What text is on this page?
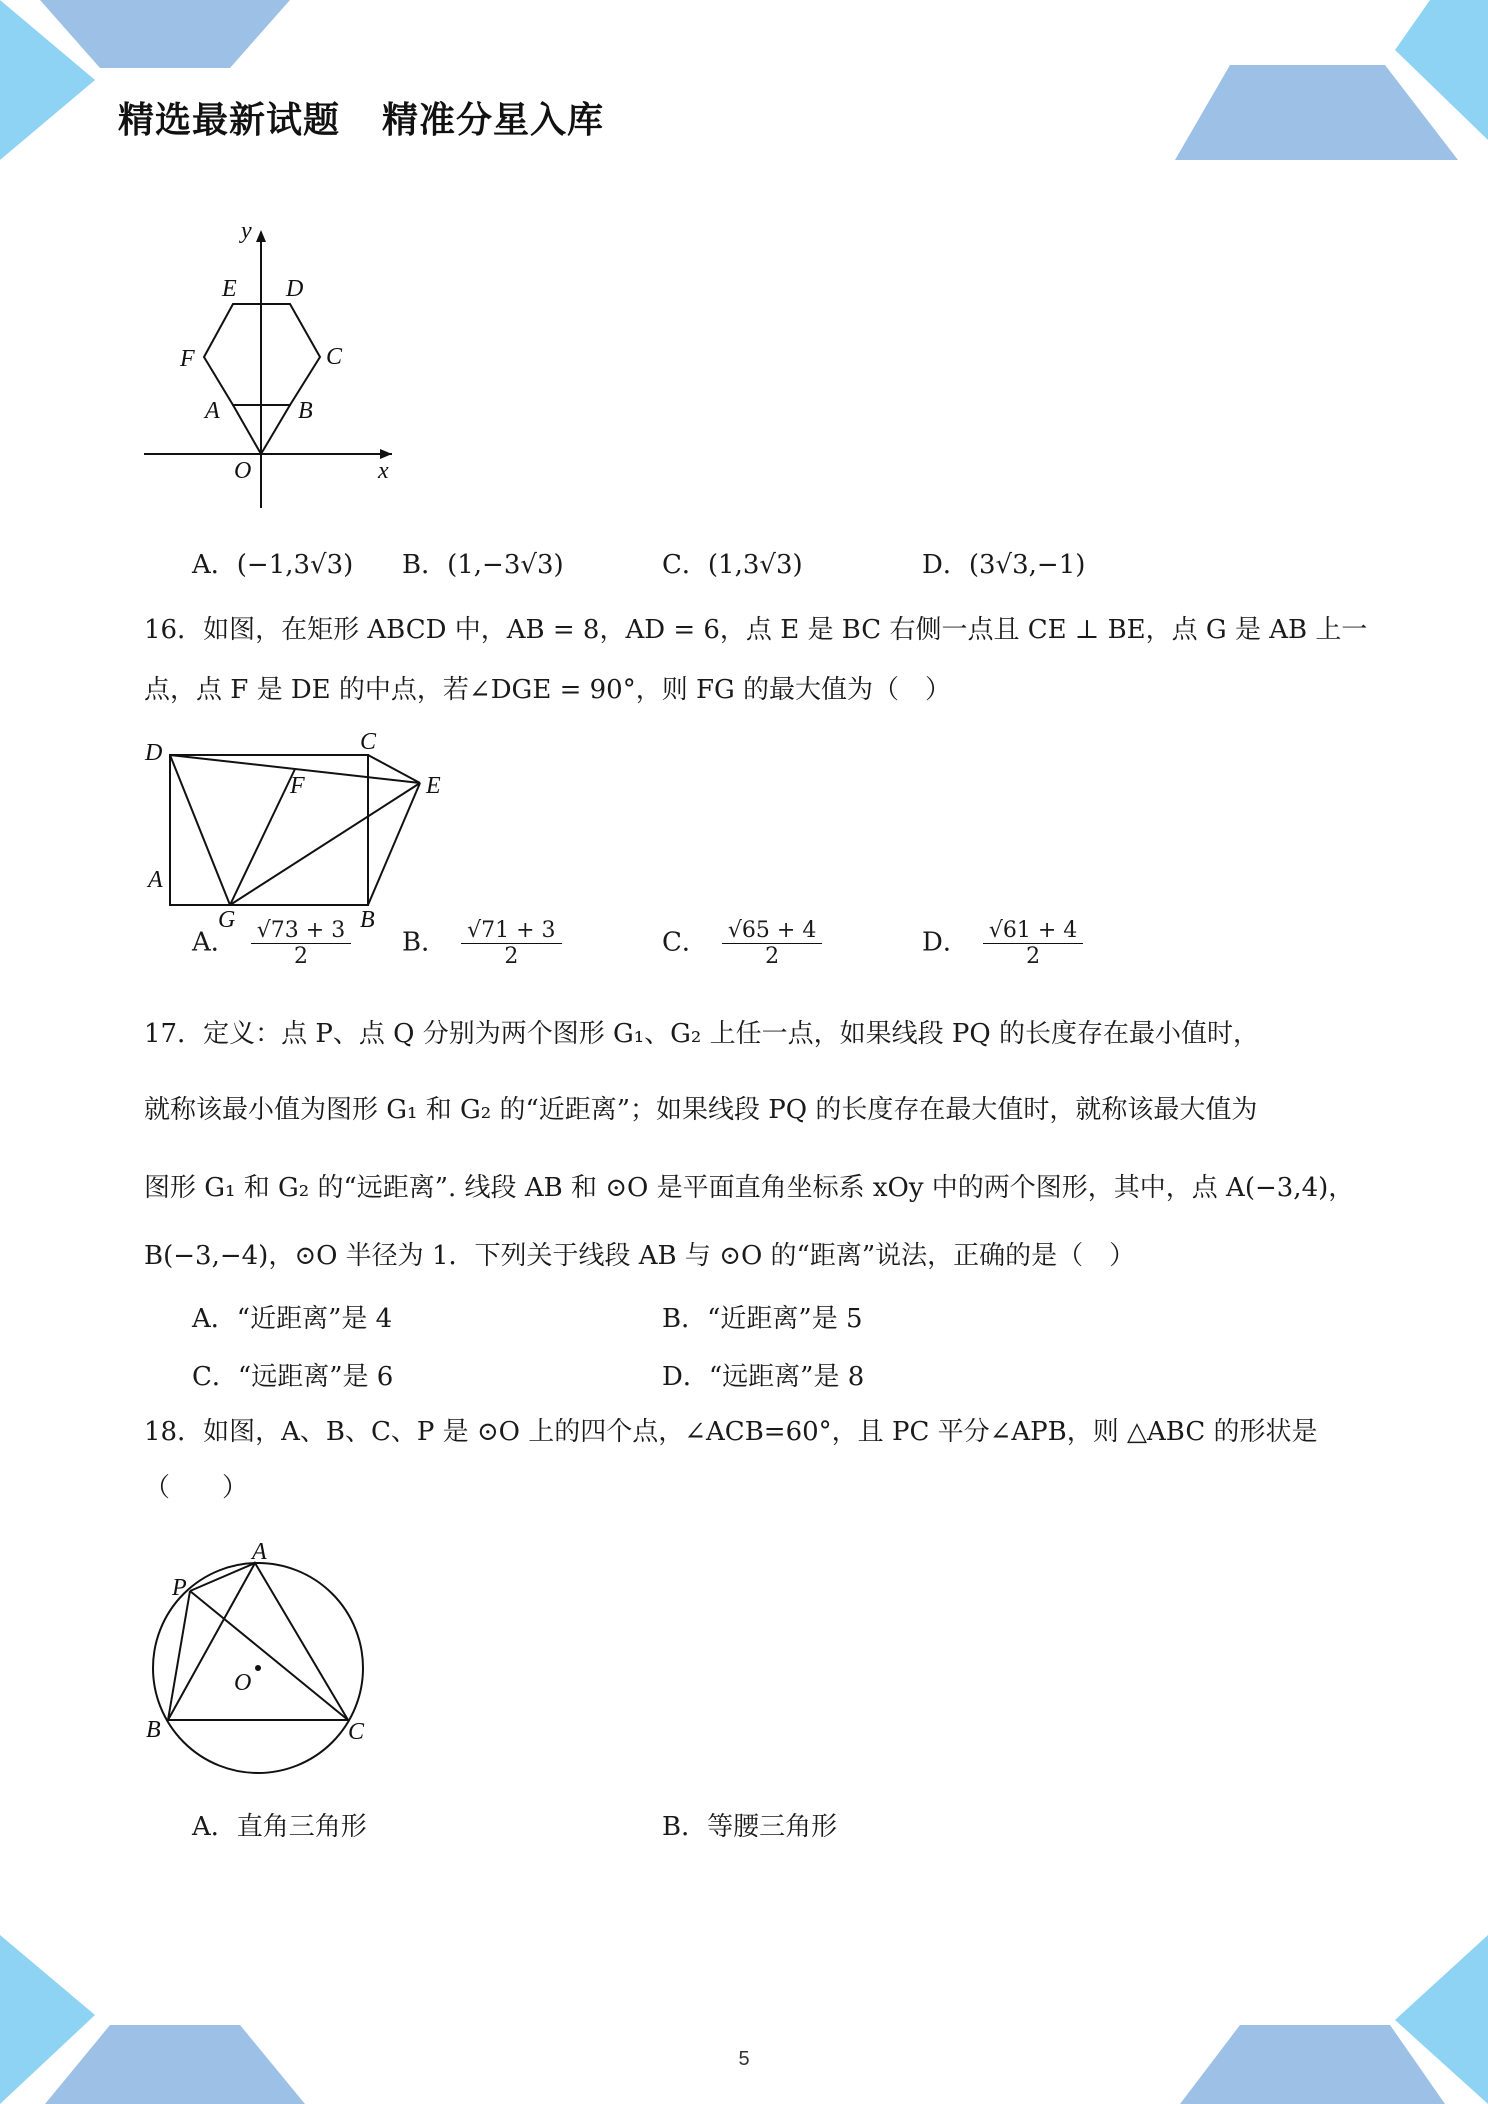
精选最新试题 精准分星入库
y
x
O
A	B
C
D
E
F
A．(−1,3√3) B．(1,−3√3)	C．(1,3√3)	D．(3√3,−1)
16．如图，在矩形 ABCD 中，AB = 8，AD = 6，点 E 是 BC 右侧一点且 CE ⊥ BE，点 G 是 AB 上一
点，点 F 是 DE 的中点，若∠DGE = 90°，则 FG 的最大值为（　）
D	C
E
F
A
G	B
A． $\frac{√73 + 3}{2}$ B． $\frac{√71 + 3}{2}$	C． $\frac{√65 + 4}{2}$	D． $\frac{√61 + 4}{2}$
17．定义：点 P、点 Q 分别为两个图形 G₁、G₂ 上任一点，如果线段 PQ 的长度存在最小值时，
就称该最小值为图形 G₁ 和 G₂ 的“近距离”；如果线段 PQ 的长度存在最大值时，就称该最大值为
图形 G₁ 和 G₂ 的“远距离”. 线段 AB 和 ⊙O 是平面直角坐标系 xOy 中的两个图形，其中，点 A(−3,4)，
B(−3,−4)，⊙O 半径为 1．下列关于线段 AB 与 ⊙O 的“距离”说法，正确的是（　）
A．“近距离”是 4	B．“近距离”是 5
C．“远距离”是 6	D．“远距离”是 8
18．如图，A、B、C、P 是 ⊙O 上的四个点，∠ACB=60°，且 PC 平分∠APB，则 △ABC 的形状是
（　　）
A
P
O
B	C
A．直角三角形	B．等腰三角形
5
